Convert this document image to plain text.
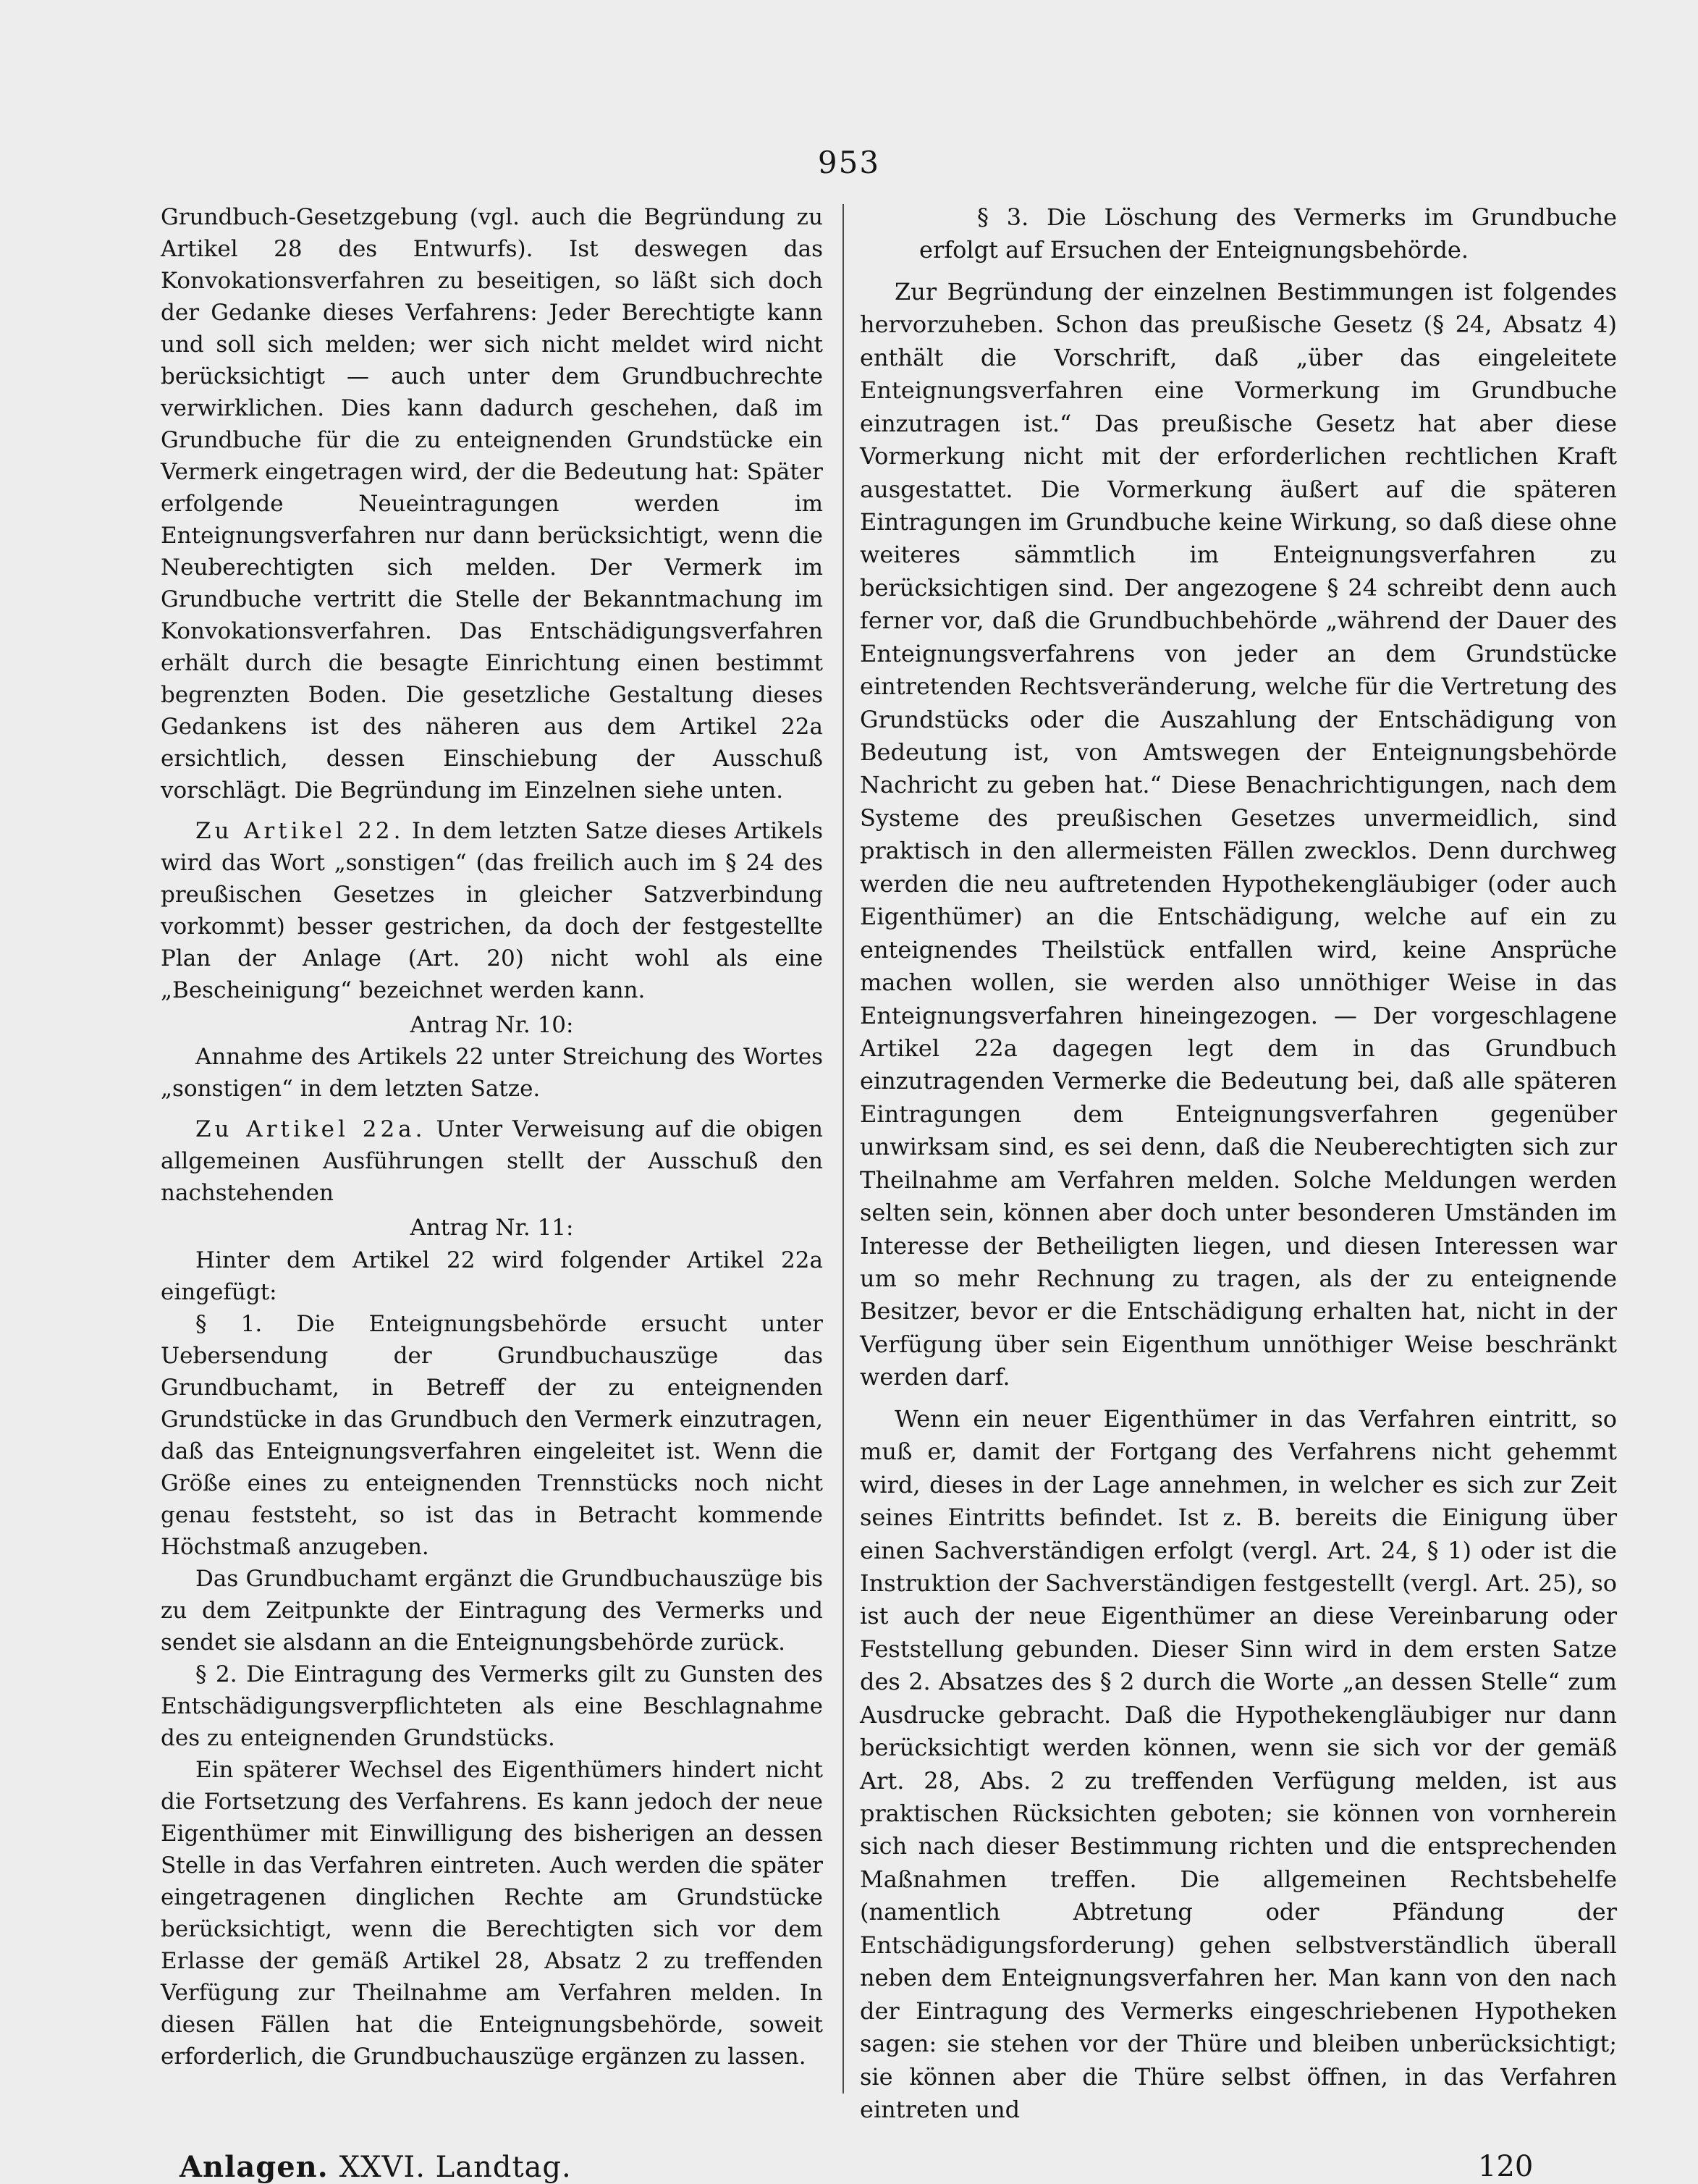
953

Grundbuch-Gesetzgebung (vgl. auch die Begründung zu Artikel 28 des Entwurfs). Ist deswegen das Konvokationsverfahren zu beseitigen, so läßt sich doch der Gedanke dieses Verfahrens: Jeder Berechtigte kann und soll sich melden; wer sich nicht meldet wird nicht berücksichtigt — auch unter dem Grundbuchrechte verwirklichen. Dies kann dadurch geschehen, daß im Grundbuche für die zu enteignenden Grundstücke ein Vermerk eingetragen wird, der die Bedeutung hat: Später erfolgende Neueintragungen werden im Enteignungsverfahren nur dann berücksichtigt, wenn die Neuberechtigten sich melden. Der Vermerk im Grundbuche vertritt die Stelle der Bekanntmachung im Konvokationsverfahren. Das Entschädigungsverfahren erhält durch die besagte Einrichtung einen bestimmt begrenzten Boden. Die gesetzliche Gestaltung dieses Gedankens ist des näheren aus dem Artikel 22a ersichtlich, dessen Einschiebung der Ausschuß vorschlägt. Die Begründung im Einzelnen siehe unten.

Zu Artikel 22. In dem letzten Satze dieses Artikels wird das Wort „sonstigen“ (das freilich auch im § 24 des preußischen Gesetzes in gleicher Satzverbindung vorkommt) besser gestrichen, da doch der festgestellte Plan der Anlage (Art. 20) nicht wohl als eine „Bescheinigung“ bezeichnet werden kann.

Antrag Nr. 10:

Annahme des Artikels 22 unter Streichung des Wortes „sonstigen“ in dem letzten Satze.

Zu Artikel 22a. Unter Verweisung auf die obigen allgemeinen Ausführungen stellt der Ausschuß den nachstehenden

Antrag Nr. 11:

Hinter dem Artikel 22 wird folgender Artikel 22a eingefügt:

§ 1. Die Enteignungsbehörde ersucht unter Uebersendung der Grundbuchauszüge das Grundbuchamt, in Betreff der zu enteignenden Grundstücke in das Grundbuch den Vermerk einzutragen, daß das Enteignungsverfahren eingeleitet ist. Wenn die Größe eines zu enteignenden Trennstücks noch nicht genau feststeht, so ist das in Betracht kommende Höchstmaß anzugeben.

Das Grundbuchamt ergänzt die Grundbuchauszüge bis zu dem Zeitpunkte der Eintragung des Vermerks und sendet sie alsdann an die Enteignungsbehörde zurück.

§ 2. Die Eintragung des Vermerks gilt zu Gunsten des Entschädigungsverpflichteten als eine Beschlagnahme des zu enteignenden Grundstücks.

Ein späterer Wechsel des Eigenthümers hindert nicht die Fortsetzung des Verfahrens. Es kann jedoch der neue Eigenthümer mit Einwilligung des bisherigen an dessen Stelle in das Verfahren eintreten. Auch werden die später eingetragenen dinglichen Rechte am Grundstücke berücksichtigt, wenn die Berechtigten sich vor dem Erlasse der gemäß Artikel 28, Absatz 2 zu treffenden Verfügung zur Theilnahme am Verfahren melden. In diesen Fällen hat die Enteignungsbehörde, soweit erforderlich, die Grundbuchauszüge ergänzen zu lassen.

§ 3. Die Löschung des Vermerks im Grundbuche erfolgt auf Ersuchen der Enteignungsbehörde.

Zur Begründung der einzelnen Bestimmungen ist folgendes hervorzuheben. Schon das preußische Gesetz (§ 24, Absatz 4) enthält die Vorschrift, daß „über das eingeleitete Enteignungsverfahren eine Vormerkung im Grundbuche einzutragen ist.“ Das preußische Gesetz hat aber diese Vormerkung nicht mit der erforderlichen rechtlichen Kraft ausgestattet. Die Vormerkung äußert auf die späteren Eintragungen im Grundbuche keine Wirkung, so daß diese ohne weiteres sämmtlich im Enteignungsverfahren zu berücksichtigen sind. Der angezogene § 24 schreibt denn auch ferner vor, daß die Grundbuchbehörde „während der Dauer des Enteignungsverfahrens von jeder an dem Grundstücke eintretenden Rechtsveränderung, welche für die Vertretung des Grundstücks oder die Auszahlung der Entschädigung von Bedeutung ist, von Amtswegen der Enteignungsbehörde Nachricht zu geben hat.“ Diese Benachrichtigungen, nach dem Systeme des preußischen Gesetzes unvermeidlich, sind praktisch in den allermeisten Fällen zwecklos. Denn durchweg werden die neu auftretenden Hypothekengläubiger (oder auch Eigenthümer) an die Entschädigung, welche auf ein zu enteignendes Theilstück entfallen wird, keine Ansprüche machen wollen, sie werden also unnöthiger Weise in das Enteignungsverfahren hineingezogen. — Der vorgeschlagene Artikel 22a dagegen legt dem in das Grundbuch einzutragenden Vermerke die Bedeutung bei, daß alle späteren Eintragungen dem Enteignungsverfahren gegenüber unwirksam sind, es sei denn, daß die Neuberechtigten sich zur Theilnahme am Verfahren melden. Solche Meldungen werden selten sein, können aber doch unter besonderen Umständen im Interesse der Betheiligten liegen, und diesen Interessen war um so mehr Rechnung zu tragen, als der zu enteignende Besitzer, bevor er die Entschädigung erhalten hat, nicht in der Verfügung über sein Eigenthum unnöthiger Weise beschränkt werden darf.

Wenn ein neuer Eigenthümer in das Verfahren eintritt, so muß er, damit der Fortgang des Verfahrens nicht gehemmt wird, dieses in der Lage annehmen, in welcher es sich zur Zeit seines Eintritts befindet. Ist z. B. bereits die Einigung über einen Sachverständigen erfolgt (vergl. Art. 24, § 1) oder ist die Instruktion der Sachverständigen festgestellt (vergl. Art. 25), so ist auch der neue Eigenthümer an diese Vereinbarung oder Feststellung gebunden. Dieser Sinn wird in dem ersten Satze des 2. Absatzes des § 2 durch die Worte „an dessen Stelle“ zum Ausdrucke gebracht. Daß die Hypothekengläubiger nur dann berücksichtigt werden können, wenn sie sich vor der gemäß Art. 28, Abs. 2 zu treffenden Verfügung melden, ist aus praktischen Rücksichten geboten; sie können von vornherein sich nach dieser Bestimmung richten und die entsprechenden Maßnahmen treffen. Die allgemeinen Rechtsbehelfe (namentlich Abtretung oder Pfändung der Entschädigungsforderung) gehen selbstverständlich überall neben dem Enteignungsverfahren her. Man kann von den nach der Eintragung des Vermerks eingeschriebenen Hypotheken sagen: sie stehen vor der Thüre und bleiben unberücksichtigt; sie können aber die Thüre selbst öffnen, in das Verfahren eintreten und

Anlagen. XXVI. Landtag.	120
